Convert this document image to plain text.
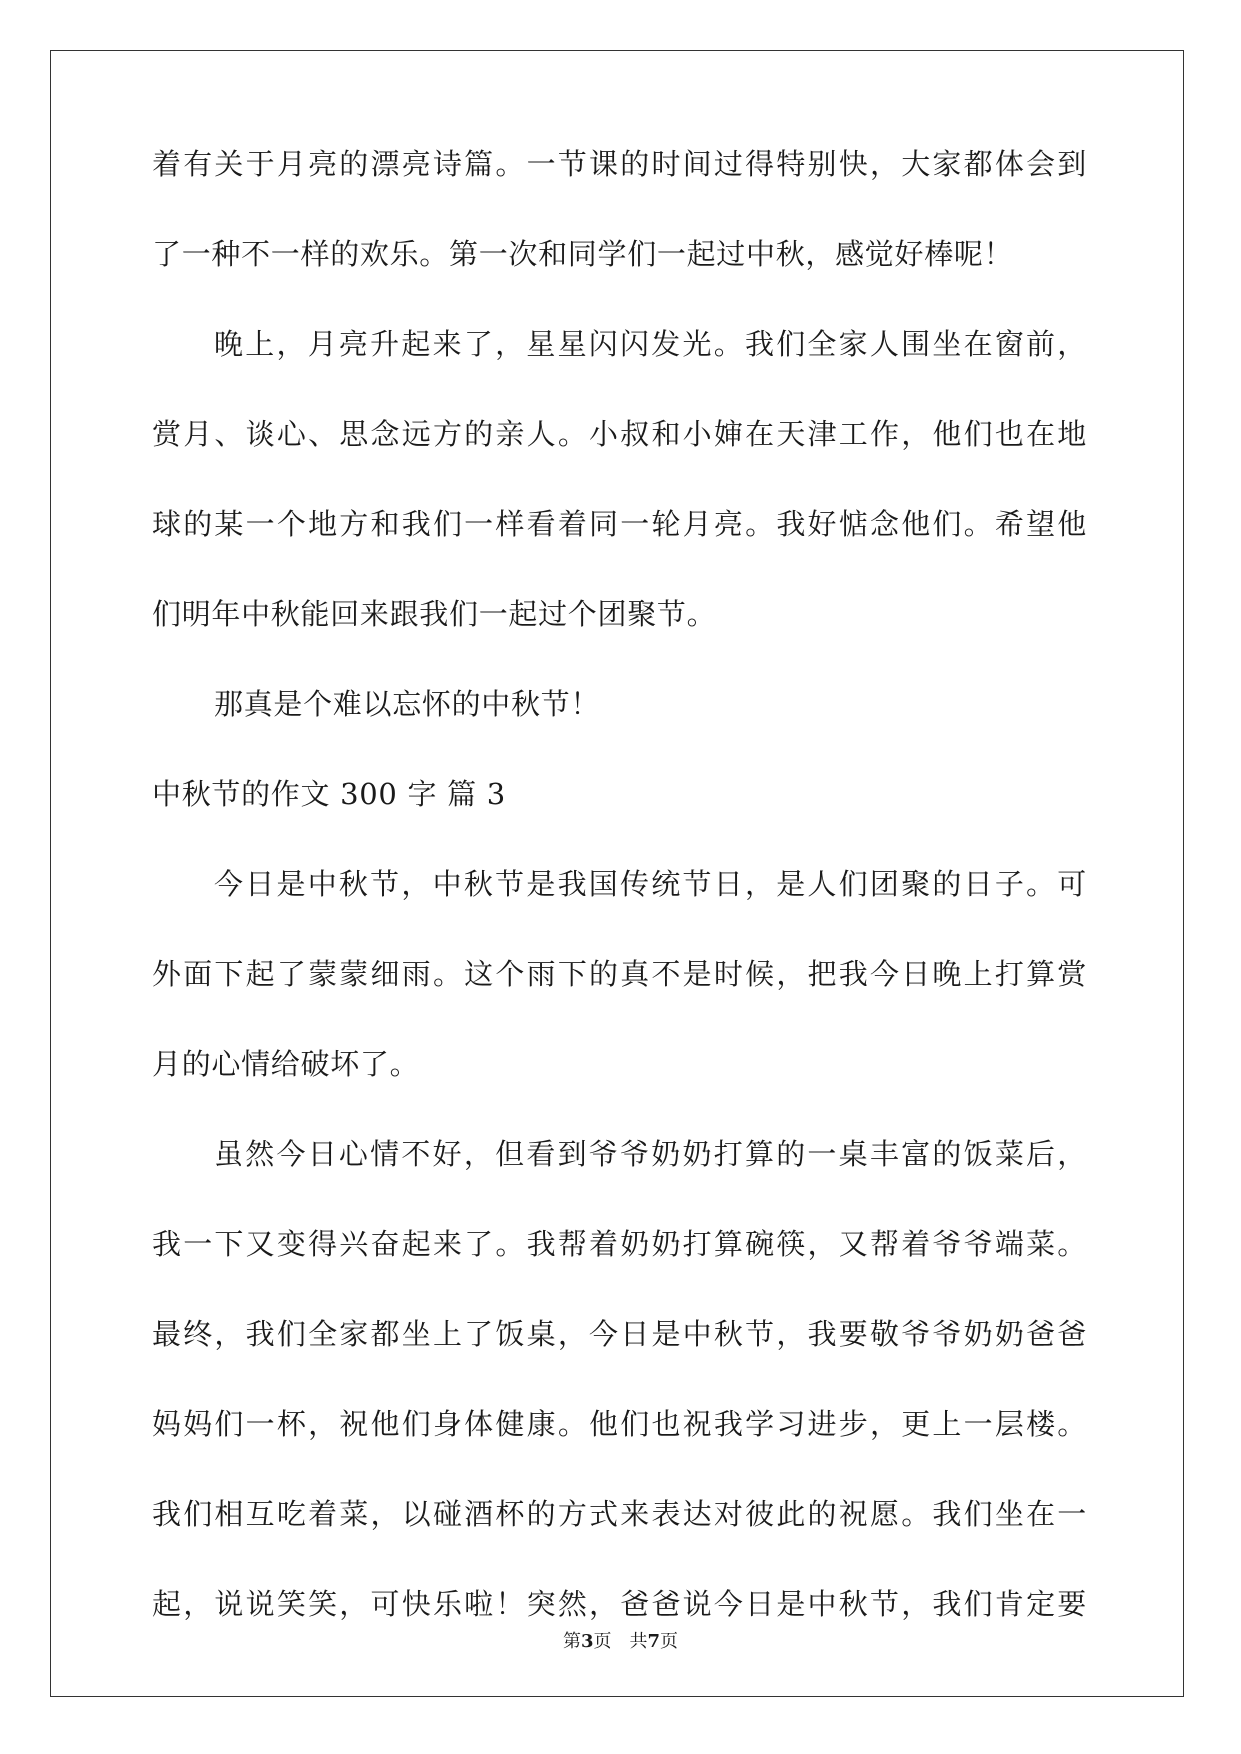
着有关于月亮的漂亮诗篇。一节课的时间过得特别快，大家都体会到
了一种不一样的欢乐。第一次和同学们一起过中秋，感觉好棒呢！
晚上，月亮升起来了，星星闪闪发光。我们全家人围坐在窗前，
赏月、谈心、思念远方的亲人。小叔和小婶在天津工作，他们也在地
球的某一个地方和我们一样看着同一轮月亮。我好惦念他们。希望他
们明年中秋能回来跟我们一起过个团聚节。
那真是个难以忘怀的中秋节！
中秋节的作文 300 字 篇 3
今日是中秋节，中秋节是我国传统节日，是人们团聚的日子。可
外面下起了蒙蒙细雨。这个雨下的真不是时候，把我今日晚上打算赏
月的心情给破坏了。
虽然今日心情不好，但看到爷爷奶奶打算的一桌丰富的饭菜后，
我一下又变得兴奋起来了。我帮着奶奶打算碗筷，又帮着爷爷端菜。
最终，我们全家都坐上了饭桌，今日是中秋节，我要敬爷爷奶奶爸爸
妈妈们一杯，祝他们身体健康。他们也祝我学习进步，更上一层楼。
我们相互吃着菜，以碰酒杯的方式来表达对彼此的祝愿。我们坐在一
起，说说笑笑，可快乐啦！突然，爸爸说今日是中秋节，我们肯定要
第3页 共7页
